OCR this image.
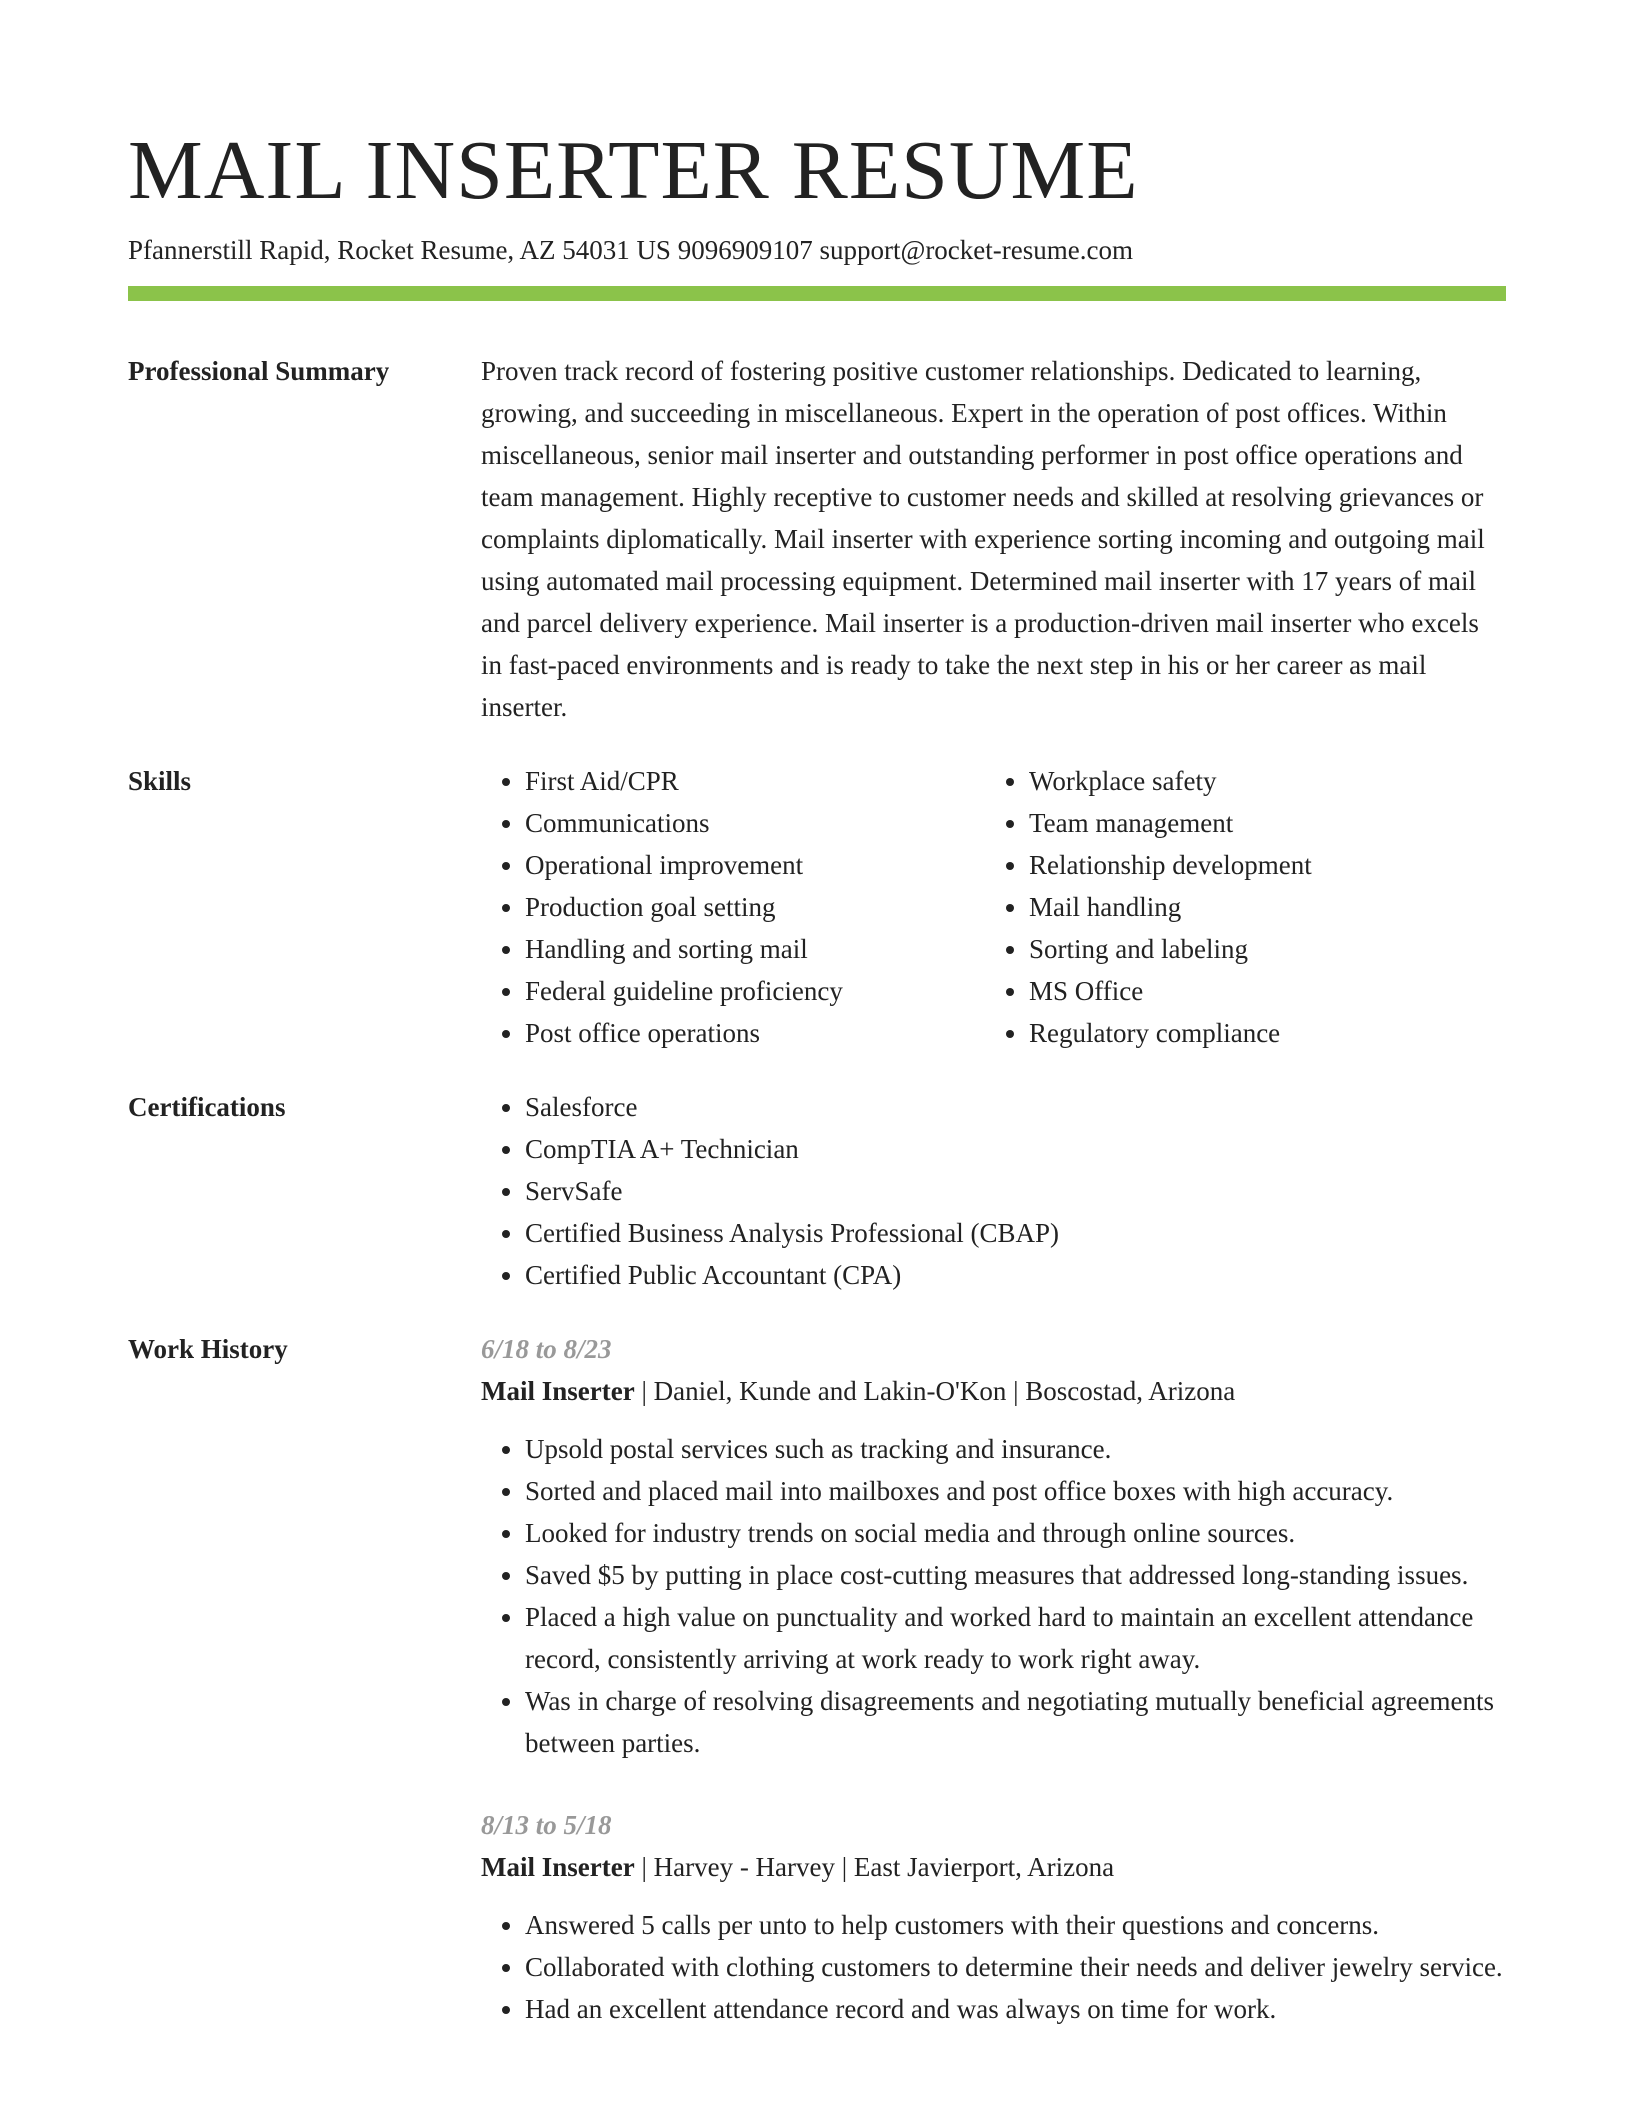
MAIL INSERTER RESUME
Pfannerstill Rapid, Rocket Resume, AZ 54031 US 9096909107 support@rocket-resume.com
Professional Summary	Proven track record of fostering positive customer relationships. Dedicated to learning, growing, and succeeding in miscellaneous. Expert in the operation of post offices. Within miscellaneous, senior mail inserter and outstanding performer in post office operations and team management. Highly receptive to customer needs and skilled at resolving grievances or complaints diplomatically. Mail inserter with experience sorting incoming and outgoing mail using automated mail processing equipment. Determined mail inserter with 17 years of mail and parcel delivery experience. Mail inserter is a production-driven mail inserter who excels in fast-paced environments and is ready to take the next step in his or her career as mail inserter.

Skills	• First Aid/CPR
• Communications
• Operational improvement
• Production goal setting
• Handling and sorting mail
• Federal guideline proficiency
• Post office operations
• Workplace safety
• Team management
• Relationship development
• Mail handling
• Sorting and labeling
• MS Office
• Regulatory compliance
Certifications	• Salesforce
• CompTIA A+ Technician
• ServSafe
• Certified Business Analysis Professional (CBAP)
• Certified Public Accountant (CPA)
Work History	6/18 to 8/23
Mail Inserter | Daniel, Kunde and Lakin-O'Kon | Boscostad, Arizona
• Upsold postal services such as tracking and insurance.
• Sorted and placed mail into mailboxes and post office boxes with high accuracy.
• Looked for industry trends on social media and through online sources.
• Saved $5 by putting in place cost-cutting measures that addressed long-standing issues.
• Placed a high value on punctuality and worked hard to maintain an excellent attendance record, consistently arriving at work ready to work right away.
• Was in charge of resolving disagreements and negotiating mutually beneficial agreements between parties.
8/13 to 5/18
Mail Inserter | Harvey - Harvey | East Javierport, Arizona
• Answered 5 calls per unto to help customers with their questions and concerns.
• Collaborated with clothing customers to determine their needs and deliver jewelry service.
• Had an excellent attendance record and was always on time for work.
